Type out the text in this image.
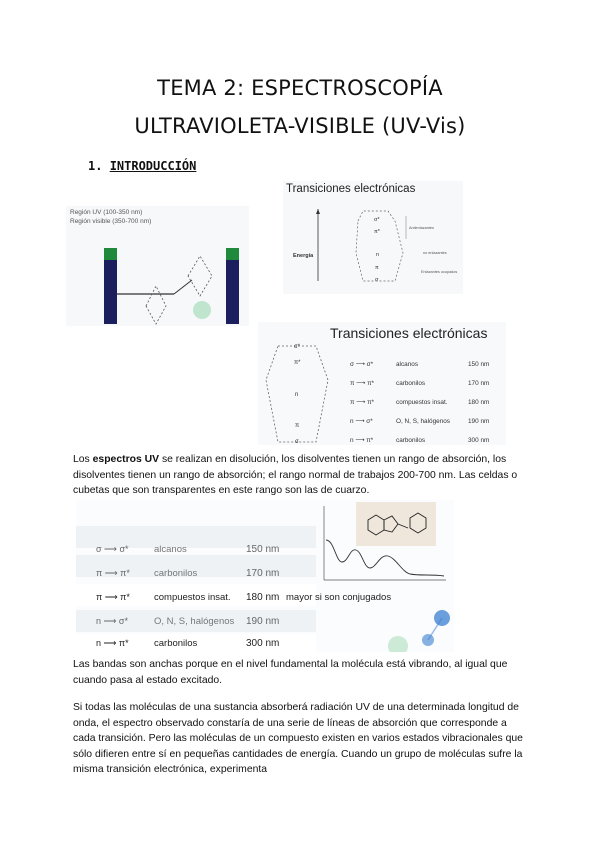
TEMA 2: ESPECTROSCOPÍA
ULTRAVIOLETA-VISIBLE (UV-Vis)
1. INTRODUCCIÓN
Región UV (100-350 nm)
Región visible (350-700 nm)
Transiciones electrónicas
Energía
σ*
π*
n
π
σ
Antienlazantes
no enlazantes
Enlazantes ocupados
Transiciones electrónicas
σ*
π*
n
π
σ
σ ⟶ σ*	alcanos	150 nm
π ⟶ π*	carbonilos	170 nm
π ⟶ π*	compuestos insat.	180 nm
n ⟶ σ*	O, N, S, halógenos	190 nm
n ⟶ π*	carbonilos	300 nm
Los espectros UV se realizan en disolución, los disolventes tienen un rango de absorción, los disolventes tienen un rango de absorción; el rango normal de trabajos 200-700 nm. Las celdas o cubetas que son transparentes en este rango son las de cuarzo.
σ ⟶ σ*	alcanos	150 nm
π ⟶ π*	carbonilos	170 nm
π ⟶ π*	compuestos insat. 180 nm mayor si son conjugados
n ⟶ σ*	O, N, S, halógenos 190 nm
n ⟶ π*	carbonilos	300 nm
Las bandas son anchas porque en el nivel fundamental la molécula está vibrando, al igual que cuando pasa al estado excitado.
Si todas las moléculas de una sustancia absorberá radiación UV de una determinada longitud de onda, el espectro observado constaría de una serie de líneas de absorción que corresponde a cada transición. Pero las moléculas de un compuesto existen en varios estados vibracionales que sólo difieren entre sí en pequeñas cantidades de energía. Cuando un grupo de moléculas sufre la misma transición electrónica, experimenta
